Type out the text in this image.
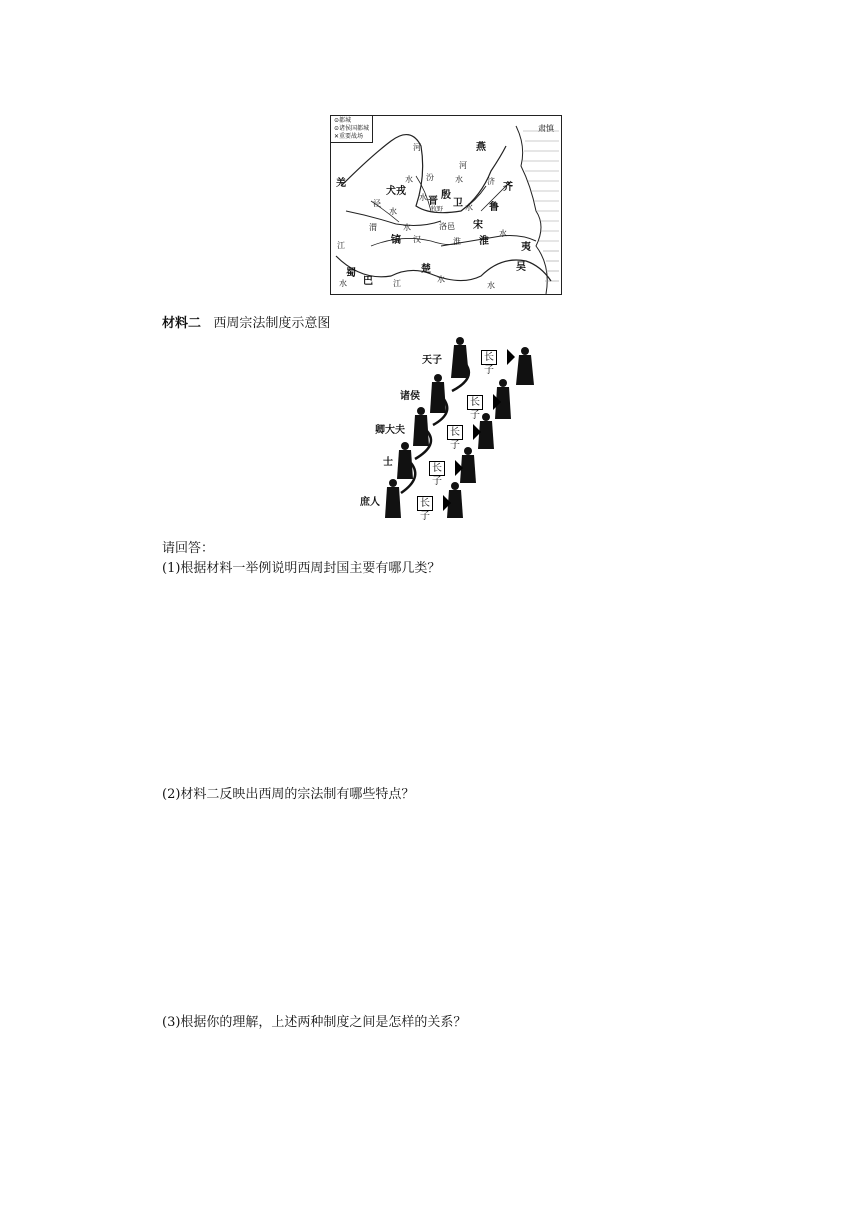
⊙都城
⊙诸侯国都城
✕重要战场
羌
犬戎
晋
殷
卫
燕
肃慎
齐
鲁
宋
镐
洛邑
牧野
楚
蜀
巴
夷
吴
河
水 汾
水
河
水	济
水
泾
水
渭	水
汉	淮 淮
水
江
水	江	水
水
材料二 西周宗法制度示意图
天子
诸侯
卿大夫
士
庶人
长子
长子
长子
长子
长子
请回答：
(1)根据材料一举例说明西周封国主要有哪几类？
(2)材料二反映出西周的宗法制有哪些特点？
(3)根据你的理解，上述两种制度之间是怎样的关系？
